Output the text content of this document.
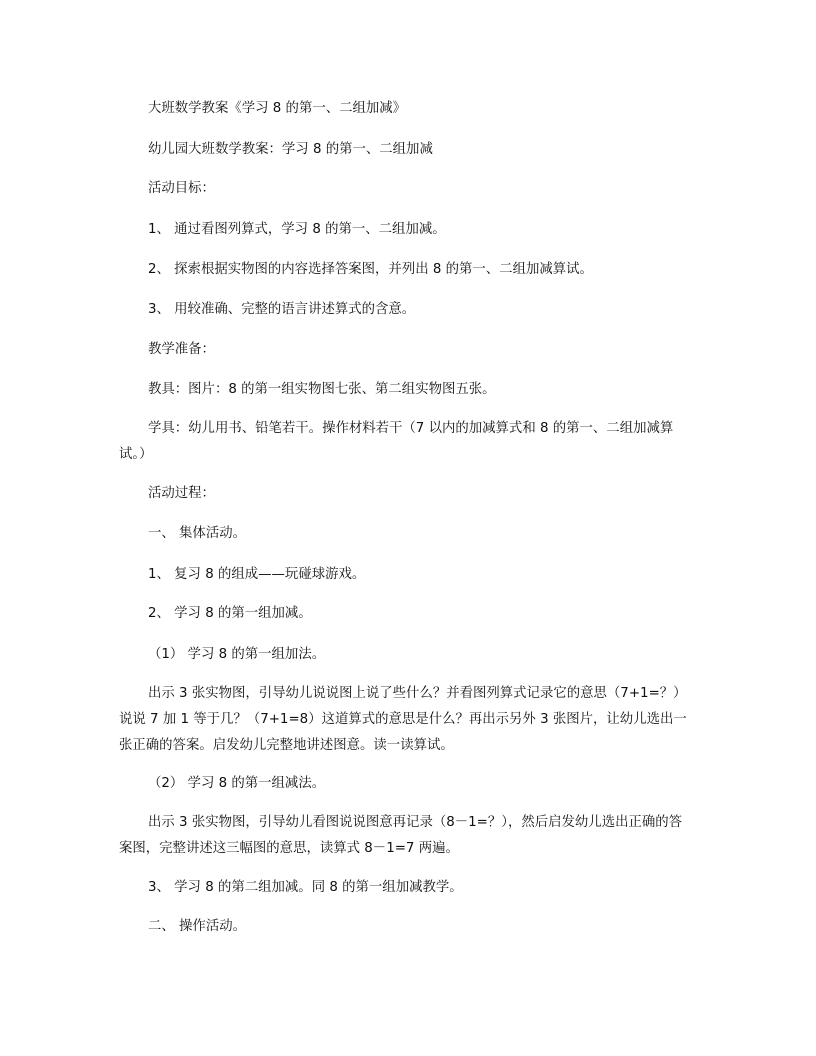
大班数学教案《学习 8 的第一、二组加减》

幼儿园大班数学教案：学习 8 的第一、二组加减

活动目标：

1、 通过看图列算式，学习 8 的第一、二组加减。

2、 探索根据实物图的内容选择答案图，并列出 8 的第一、二组加减算试。

3、 用较准确、完整的语言讲述算式的含意。

教学准备：

教具：图片：8 的第一组实物图七张、第二组实物图五张。

学具：幼儿用书、铅笔若干。操作材料若干（7 以内的加减算式和 8 的第一、二组加减算试。）

活动过程：

一、 集体活动。

1、 复习 8 的组成——玩碰球游戏。

2、 学习 8 的第一组加减。

（1） 学习 8 的第一组加法。

出示 3 张实物图，引导幼儿说说图上说了些什么？并看图列算式记录它的意思（7+1=？）说说 7 加 1 等于几？（7+1=8）这道算式的意思是什么？再出示另外 3 张图片，让幼儿选出一张正确的答案。启发幼儿完整地讲述图意。读一读算试。

（2） 学习 8 的第一组减法。

出示 3 张实物图，引导幼儿看图说说图意再记录（8－1=？），然后启发幼儿选出正确的答案图，完整讲述这三幅图的意思，读算式 8－1=7 两遍。

3、 学习 8 的第二组加减。同 8 的第一组加减教学。

二、 操作活动。
